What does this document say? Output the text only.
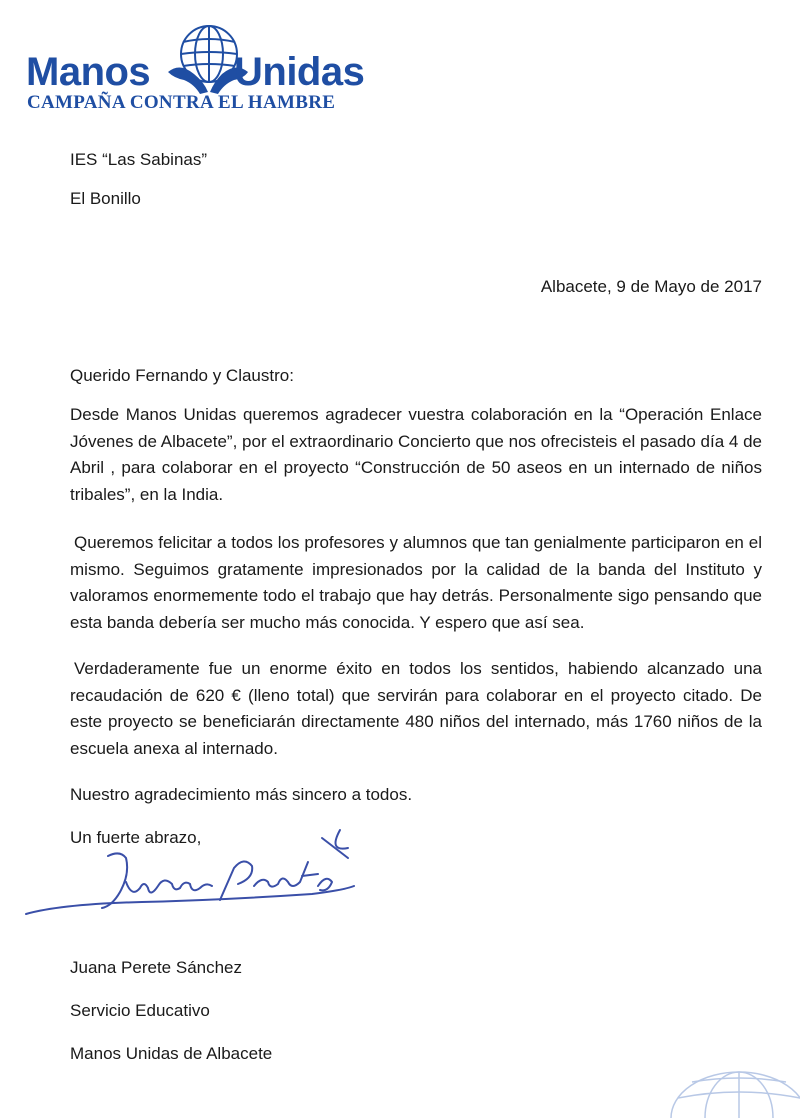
Manos Unidas
CAMPAÑA CONTRA EL HAMBRE
IES “Las Sabinas”
El Bonillo
Albacete, 9 de Mayo de 2017
Querido Fernando y Claustro:
Desde Manos Unidas queremos agradecer vuestra colaboración en la “Operación Enlace Jóvenes de Albacete”, por el extraordinario Concierto que nos ofrecisteis el pasado día 4 de Abril , para colaborar en el proyecto “Construcción de 50 aseos en un internado de niños tribales”, en la India.
Queremos felicitar a todos los profesores y alumnos que tan genialmente participaron en el mismo. Seguimos gratamente impresionados por la calidad de la banda del Instituto y valoramos enormemente todo el trabajo que hay detrás. Personalmente sigo pensando que esta banda debería ser mucho más conocida. Y espero que así sea.
Verdaderamente fue un enorme éxito en todos los sentidos, habiendo alcanzado una recaudación de 620 € (lleno total) que servirán para colaborar en el proyecto citado. De este proyecto se beneficiarán directamente 480 niños del internado, más 1760 niños de la escuela anexa al internado.
Nuestro agradecimiento más sincero a todos.
Un fuerte abrazo,
Juana Perete Sánchez
Servicio Educativo
Manos Unidas de Albacete
